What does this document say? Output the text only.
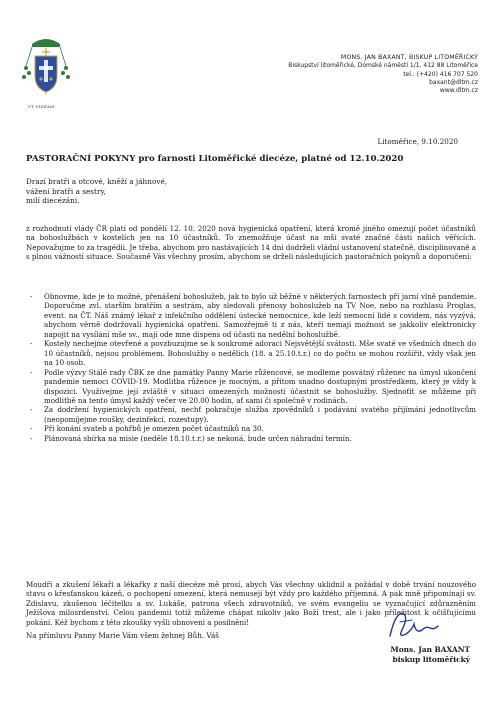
UT VIDEAM
MONS. JAN BAXANT, BISKUP LITOMĚŘICKÝ
Biskupství litoměřické, Dómské náměstí 1/1, 412 88 Litoměřice
tel.: (+420) 416 707 520
baxant@dltm.cz
www.dltm.cz
Litoměřice, 9.10.2020
PASTORAČNÍ POKYNY pro farnosti Litoměřické diecéze, platné od 12.10.2020
Drazí bratři a otcové, kněží a jáhnové,
vážení bratři a sestry,
milí diecézáni,
z rozhodnutí vlády ČR platí od pondělí 12. 10. 2020 nová hygienická opatření, která kromě jiného omezují počet účastníků na bohoslužbách v kostelích jen na 10 účastníků. To znemožňuje účast na mši svaté značné části našich věřících. Nepovažujme to za tragédii. Je třeba, abychom pro nastávajících 14 dní dodrželi vládní ustanovení statečně, disciplinovaně a s plnou vážností situace. Současně Vás všechny prosím, abychom se drželi následujících pastoračních pokynů a doporučení:
- Obnovme, kde je to možné, přenášení bohoslužeb, jak to bylo už běžné v některých farnostech při jarní vlně pandemie. Doporučme zvl. starším bratřím a sestrám, aby sledovali přenosy bohoslužeb na TV Noe, nebo na rozhlasu Proglas, event. na ČT. Náš známý lékař z infekčního oddělení ústecké nemocnice, kde leží nemocní lidé s covidem, nás vyzývá, abychom věrně dodržovali hygienická opatření. Samozřejmě ti z nás, kteří nemají možnost se jakkoliv elektronicky napojit na vysílání mše sv., mají ode mne dispens od účasti na nedělní bohoslužbě.
- Kostely nechejme otevřené a povzbuzujme se k soukromé adoraci Nejsvětější svátosti. Mše svaté ve všedních dnech do 10 účastníků, nejsou problémem. Bohoslužby o nedělích (18. a 25.10.t.r.) co do počtu se mohou rozšířit, vždy však jen na 10 osob.
- Podle výzvy Stálé rady ČBK ze dne památky Panny Marie růžencové, se modleme posvátný růženec na úmysl ukončení pandemie nemoci COVID-19. Modlitba růžence je mocným, a přitom snadno dostupným prostředkem, který je vždy k dispozici. Využívejme její zvláště v situaci omezených možností účastnit se bohoslužby. Sjednoťit se můžeme při modlitbě na tento úmysl každý večer ve 20.00 hodin, ať sami či společně v rodinách.
- Za dodržení hygienických opatření, nechť pokračuje služba zpovědníků i podávání svatého přijímání jednotlivcům (neopomíjejme roušky, dezinfekci, rozestupy).
- Při konání svateb a pohřbů je omezen počet účastníků na 30.
- Plánovaná sbírka na misie (neděle 18.10.t.r.) se nekoná, bude určen náhradní termín.
Moudří a zkušení lékaři a lékařky z naší diecéze mě prosí, abych Vás všechny uklidnil a požádal v době trvání nouzového stavu o křesťanskou kázeň, o pochopení omezení, která nemusejí být vždy pro každého příjemná. A pak mně připomínají sv. Zdislavu, zkušenou léčitelku a sv. Lukáše, patrona všech zdravotníků, ve svém evangeliu se vyznačující zdůrazněním Ježíšova milosrdenství. Celou pandemii totiž můžeme chápat nikoliv jako Boží trest, ale i jako příležitost k očišťujícímu pokání. Kéž bychom z této zkoušky vyšli obnoveni a posilněni!
Na přímluvu Panny Marie Vám všem žehnej Bůh. Váš
Mons. Jan BAXANT
biskup litoměřický
